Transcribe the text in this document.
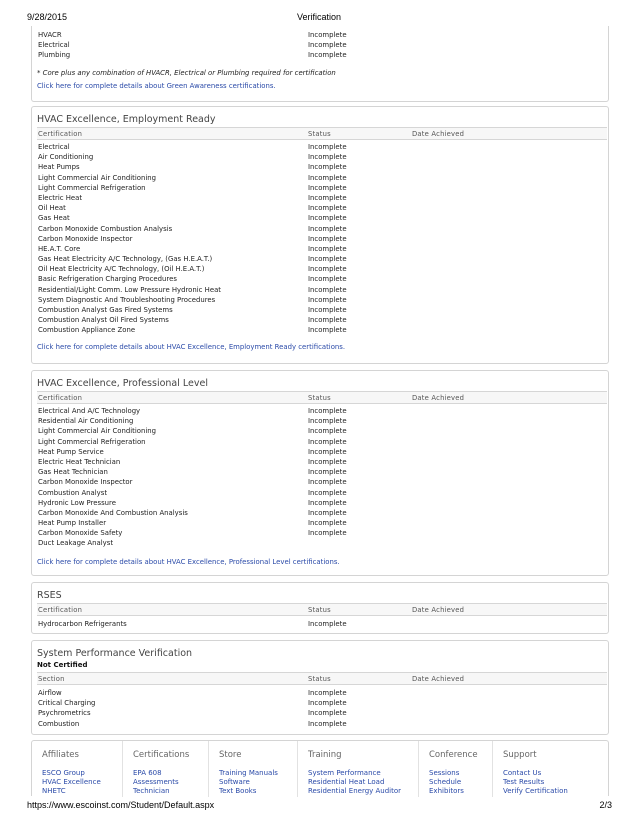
9/28/2015	Verification
HVACR	Incomplete
Electrical	Incomplete
Plumbing	Incomplete
* Core plus any combination of HVACR, Electrical or Plumbing required for certification
Click here for complete details about Green Awareness certifications.
HVAC Excellence, Employment Ready
Certification	Status	Date Achieved
Electrical	Incomplete
Air Conditioning	Incomplete
Heat Pumps	Incomplete
Light Commercial Air Conditioning	Incomplete
Light Commercial Refrigeration	Incomplete
Electric Heat	Incomplete
Oil Heat	Incomplete
Gas Heat	Incomplete
Carbon Monoxide Combustion Analysis	Incomplete
Carbon Monoxide Inspector	Incomplete
HE.A.T. Core	Incomplete
Gas Heat Electricity A/C Technology, (Gas H.E.A.T.)	Incomplete
Oil Heat Electricity A/C Technology, (Oil H.E.A.T.)	Incomplete
Basic Refrigeration Charging Procedures	Incomplete
Residential/Light Comm. Low Pressure Hydronic Heat	Incomplete
System Diagnostic And Troubleshooting Procedures	Incomplete
Combustion Analyst Gas Fired Systems	Incomplete
Combustion Analyst Oil Fired Systems	Incomplete
Combustion Appliance Zone	Incomplete
Click here for complete details about HVAC Excellence, Employment Ready certifications.
HVAC Excellence, Professional Level
Certification	Status	Date Achieved
Electrical And A/C Technology	Incomplete
Residential Air Conditioning	Incomplete
Light Commercial Air Conditioning	Incomplete
Light Commercial Refrigeration	Incomplete
Heat Pump Service	Incomplete
Electric Heat Technician	Incomplete
Gas Heat Technician	Incomplete
Carbon Monoxide Inspector	Incomplete
Combustion Analyst	Incomplete
Hydronic Low Pressure	Incomplete
Carbon Monoxide And Combustion Analysis	Incomplete
Heat Pump Installer	Incomplete
Carbon Monoxide Safety	Incomplete
Duct Leakage Analyst
Click here for complete details about HVAC Excellence, Professional Level certifications.
RSES
Certification	Status	Date Achieved
Hydrocarbon Refrigerants	Incomplete
System Performance Verification
Not Certified
Section	Status	Date Achieved
Airflow	Incomplete
Critical Charging	Incomplete
Psychrometrics	Incomplete
Combustion	Incomplete
Affiliates
ESCO Group
HVAC Excellence
NHETC
Certifications
EPA 608
Assessments
Technician
Store
Training Manuals
Software
Text Books
Training
System Performance
Residential Heat Load
Residential Energy Auditor
Conference
Sessions
Schedule
Exhibitors
Support
Contact Us
Test Results
Verify Certification
https://www.escoinst.com/Student/Default.aspx	2/3
